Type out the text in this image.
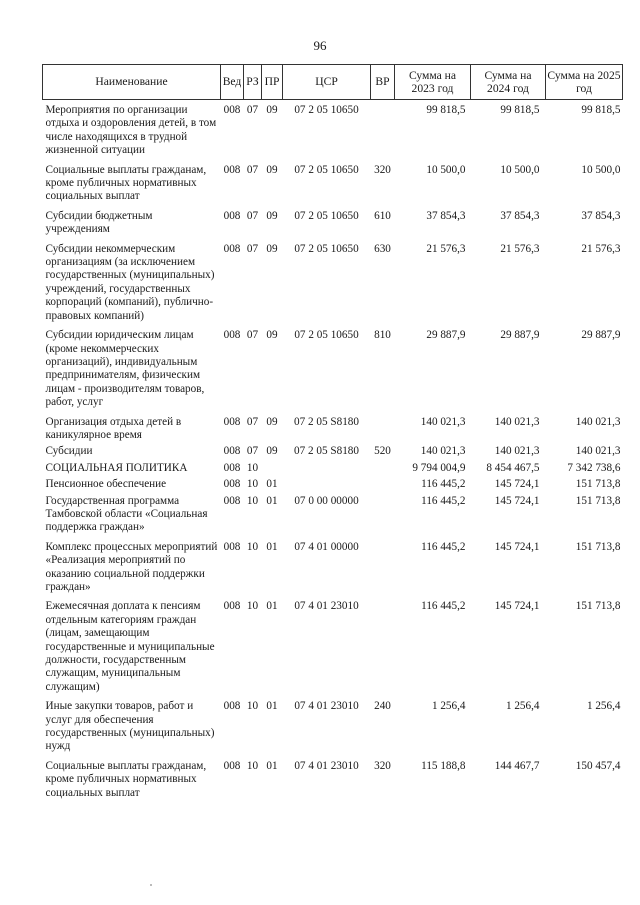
96
Наименование	Вед	РЗ	ПР	ЦСР	ВР	Сумма на 2023 год	Сумма на 2024 год	Сумма на 2025 год
Мероприятия по организации отдыха и оздоровления детей, в том числе находящихся в трудной жизненной ситуации	008	07	09	07 2 05 10650		99 818,5	99 818,5	99 818,5
Социальные выплаты гражданам, кроме публичных нормативных социальных выплат	008	07	09	07 2 05 10650	320	10 500,0	10 500,0	10 500,0
Субсидии бюджетным учреждениям	008	07	09	07 2 05 10650	610	37 854,3	37 854,3	37 854,3
Субсидии некоммерческим организациям (за исключением государственных (муниципальных) учреждений, государственных корпораций (компаний), публично-правовых компаний)	008	07	09	07 2 05 10650	630	21 576,3	21 576,3	21 576,3
Субсидии юридическим лицам (кроме некоммерческих организаций), индивидуальным предпринимателям, физическим лицам - производителям товаров, работ, услуг	008	07	09	07 2 05 10650	810	29 887,9	29 887,9	29 887,9
Организация отдыха детей в каникулярное время	008	07	09	07 2 05 S8180		140 021,3	140 021,3	140 021,3
Субсидии	008	07	09	07 2 05 S8180	520	140 021,3	140 021,3	140 021,3
СОЦИАЛЬНАЯ ПОЛИТИКА	008	10				9 794 004,9	8 454 467,5	7 342 738,6
Пенсионное обеспечение	008	10	01			116 445,2	145 724,1	151 713,8
Государственная программа Тамбовской области «Социальная поддержка граждан»	008	10	01	07 0 00 00000		116 445,2	145 724,1	151 713,8
Комплекс процессных мероприятий «Реализация мероприятий по оказанию социальной поддержки граждан»	008	10	01	07 4 01 00000		116 445,2	145 724,1	151 713,8
Ежемесячная доплата к пенсиям отдельным категориям граждан (лицам, замещающим государственные и муниципальные должности, государственным служащим, муниципальным служащим)	008	10	01	07 4 01 23010		116 445,2	145 724,1	151 713,8
Иные закупки товаров, работ и услуг для обеспечения государственных (муниципальных) нужд	008	10	01	07 4 01 23010	240	1 256,4	1 256,4	1 256,4
Социальные выплаты гражданам, кроме публичных нормативных социальных выплат	008	10	01	07 4 01 23010	320	115 188,8	144 467,7	150 457,4
